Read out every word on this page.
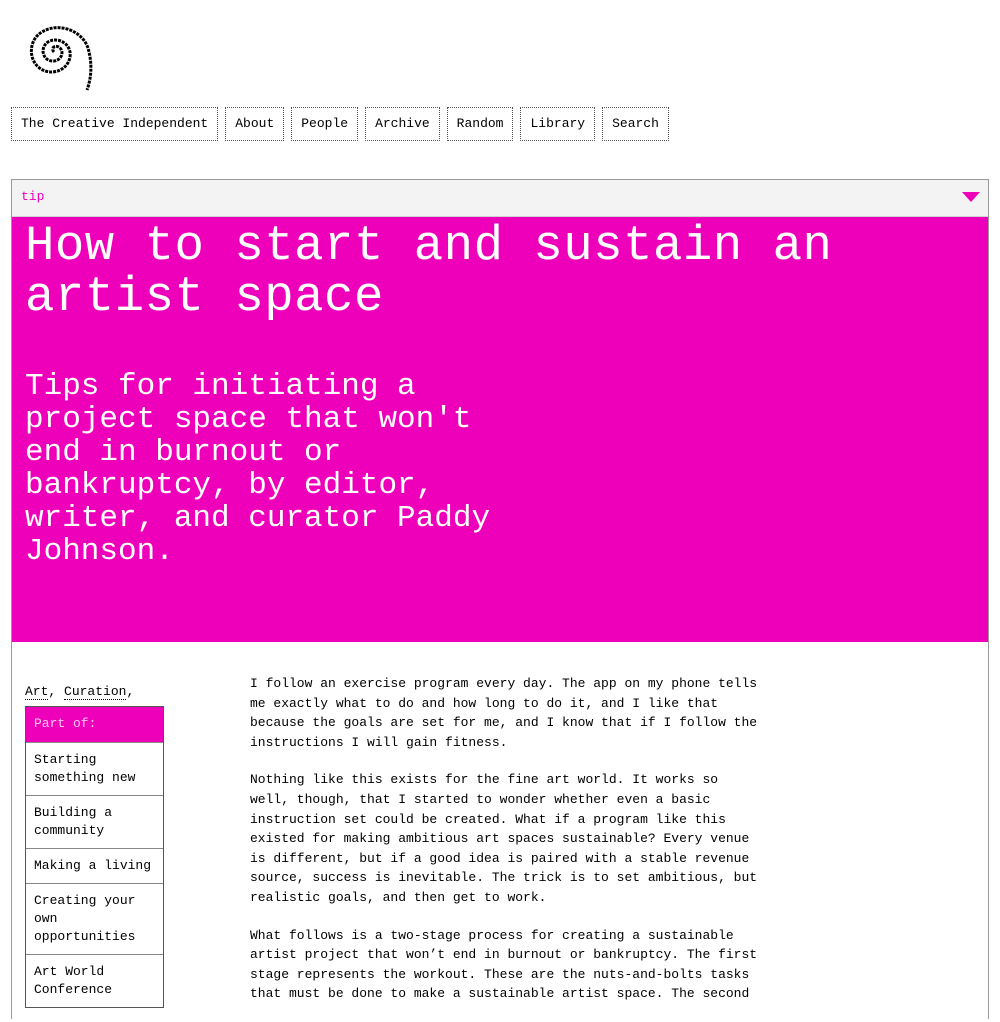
The Creative Independent	About	People	Archive	Random	Library	Search
tip
How to start and sustain an artist space
Tips for initiating a project space that won't end in burnout or bankruptcy, by editor, writer, and curator Paddy Johnson.
Art, Curation,
Part of:
Starting something new
Building a community
Making a living
Creating your own opportunities
Art World Conference

I follow an exercise program every day. The app on my phone tells me exactly what to do and how long to do it, and I like that because the goals are set for me, and I know that if I follow the instructions I will gain fitness.

Nothing like this exists for the fine art world. It works so well, though, that I started to wonder whether even a basic instruction set could be created. What if a program like this existed for making ambitious art spaces sustainable? Every venue is different, but if a good idea is paired with a stable revenue source, success is inevitable. The trick is to set ambitious, but realistic goals, and then get to work.

What follows is a two-stage process for creating a sustainable artist project that won’t end in burnout or bankruptcy. The first stage represents the workout. These are the nuts-and-bolts tasks that must be done to make a sustainable artist space. The second
